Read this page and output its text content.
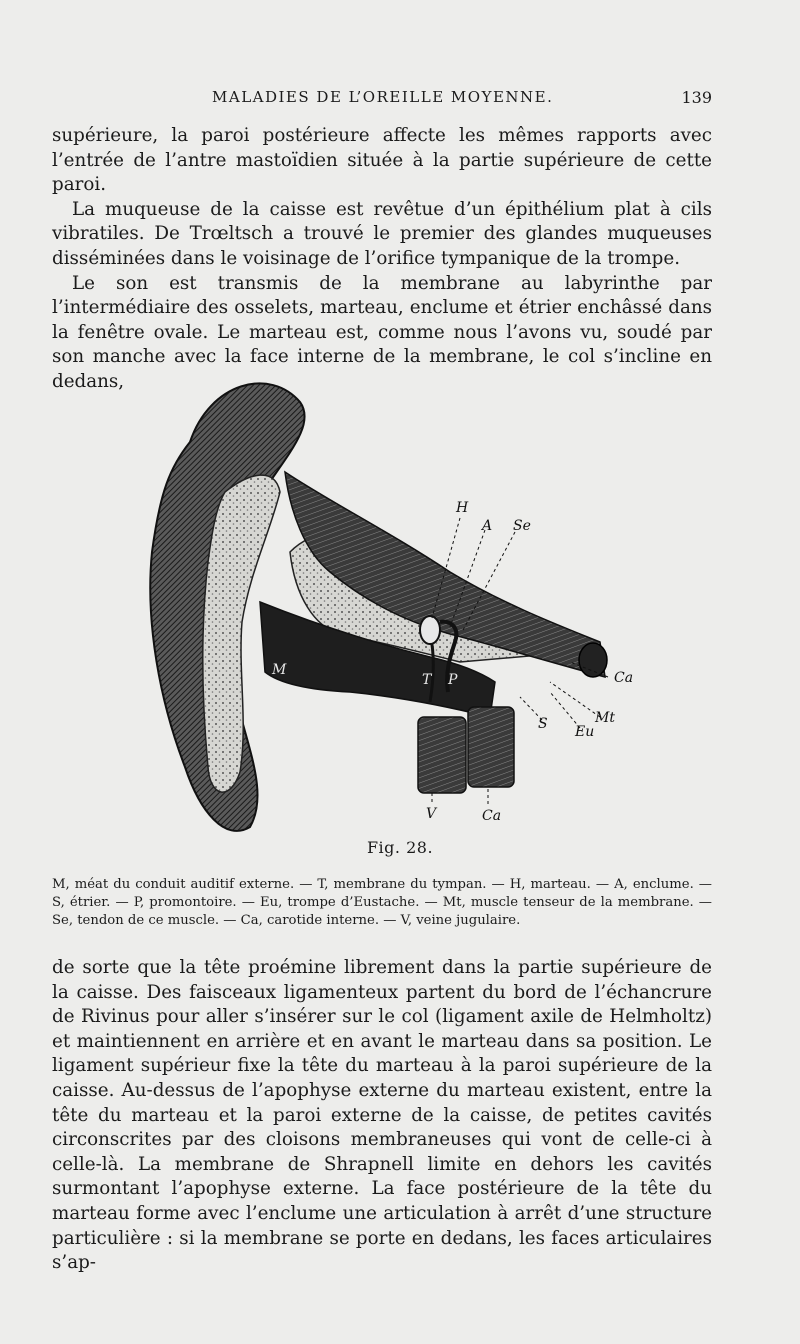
MALADIES DE L’OREILLE MOYENNE.	139

supérieure, la paroi postérieure affecte les mêmes rapports avec l’entrée de l’antre mastoïdien située à la partie supérieure de cette paroi.

La muqueuse de la caisse est revêtue d’un épithélium plat à cils vibratiles. De Trœltsch a trouvé le premier des glandes muqueuses disséminées dans le voisinage de l’orifice tympanique de la trompe.

Le son est transmis de la membrane au labyrinthe par l’intermédiaire des osselets, marteau, enclume et étrier enchâssé dans la fenêtre ovale. Le marteau est, comme nous l’avons vu, soudé par son manche avec la face interne de la membrane, le col s’incline en dedans,

H
A Se
M
T P
S
Ca
Mt
Eu
V	Ca
Fig. 28.
M, méat du conduit auditif externe. — T, membrane du tympan. — H, marteau. — A, enclume. — S, étrier. — P, promontoire. — Eu, trompe d’Eustache. — Mt, muscle tenseur de la membrane. — Se, tendon de ce muscle. — Ca, carotide interne. — V, veine jugulaire.

de sorte que la tête proémine librement dans la partie supérieure de la caisse. Des faisceaux ligamenteux partent du bord de l’échancrure de Rivinus pour aller s’insérer sur le col (ligament axile de Helmholtz) et maintiennent en arrière et en avant le marteau dans sa position. Le ligament supérieur fixe la tête du marteau à la paroi supérieure de la caisse. Au-dessus de l’apophyse externe du marteau existent, entre la tête du marteau et la paroi externe de la caisse, de petites cavités circonscrites par des cloisons membraneuses qui vont de celle-ci à celle-là. La membrane de Shrapnell limite en dehors les cavités surmontant l’apophyse externe. La face postérieure de la tête du marteau forme avec l’enclume une articulation à arrêt d’une structure particulière : si la membrane se porte en dedans, les faces articulaires s’ap-
